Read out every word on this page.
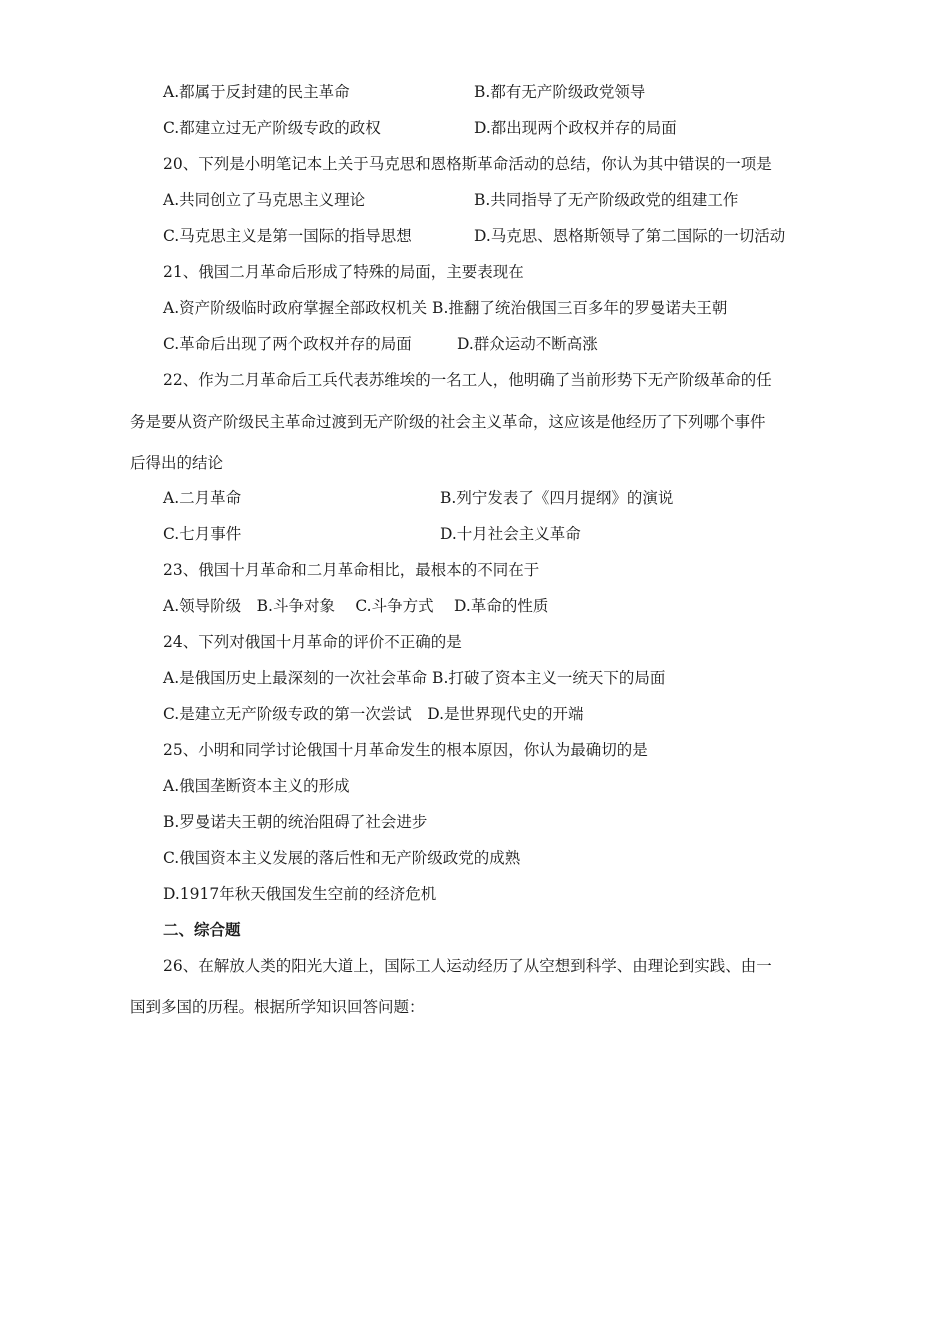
A.都属于反封建的民主革命	B.都有无产阶级政党领导
C.都建立过无产阶级专政的政权	D.都出现两个政权并存的局面
20、下列是小明笔记本上关于马克思和恩格斯革命活动的总结，你认为其中错误的一项是
A.共同创立了马克思主义理论	B.共同指导了无产阶级政党的组建工作
C.马克思主义是第一国际的指导思想	D.马克思、恩格斯领导了第二国际的一切活动
21、俄国二月革命后形成了特殊的局面，主要表现在
A.资产阶级临时政府掌握全部政权机关 B.推翻了统治俄国三百多年的罗曼诺夫王朝
C.革命后出现了两个政权并存的局面	D.群众运动不断高涨
22、作为二月革命后工兵代表苏维埃的一名工人，他明确了当前形势下无产阶级革命的任
务是要从资产阶级民主革命过渡到无产阶级的社会主义革命，这应该是他经历了下列哪个事件
后得出的结论
A.二月革命	B.列宁发表了《四月提纲》的演说
C.七月事件	D.十月社会主义革命
23、俄国十月革命和二月革命相比，最根本的不同在于
A.领导阶级　B.斗争对象　 C.斗争方式　 D.革命的性质
24、下列对俄国十月革命的评价不正确的是
A.是俄国历史上最深刻的一次社会革命 B.打破了资本主义一统天下的局面
C.是建立无产阶级专政的第一次尝试　D.是世界现代史的开端
25、小明和同学讨论俄国十月革命发生的根本原因，你认为最确切的是
A.俄国垄断资本主义的形成
B.罗曼诺夫王朝的统治阻碍了社会进步
C.俄国资本主义发展的落后性和无产阶级政党的成熟
D.1917年秋天俄国发生空前的经济危机
二、综合题
26、在解放人类的阳光大道上，国际工人运动经历了从空想到科学、由理论到实践、由一
国到多国的历程。根据所学知识回答问题：
